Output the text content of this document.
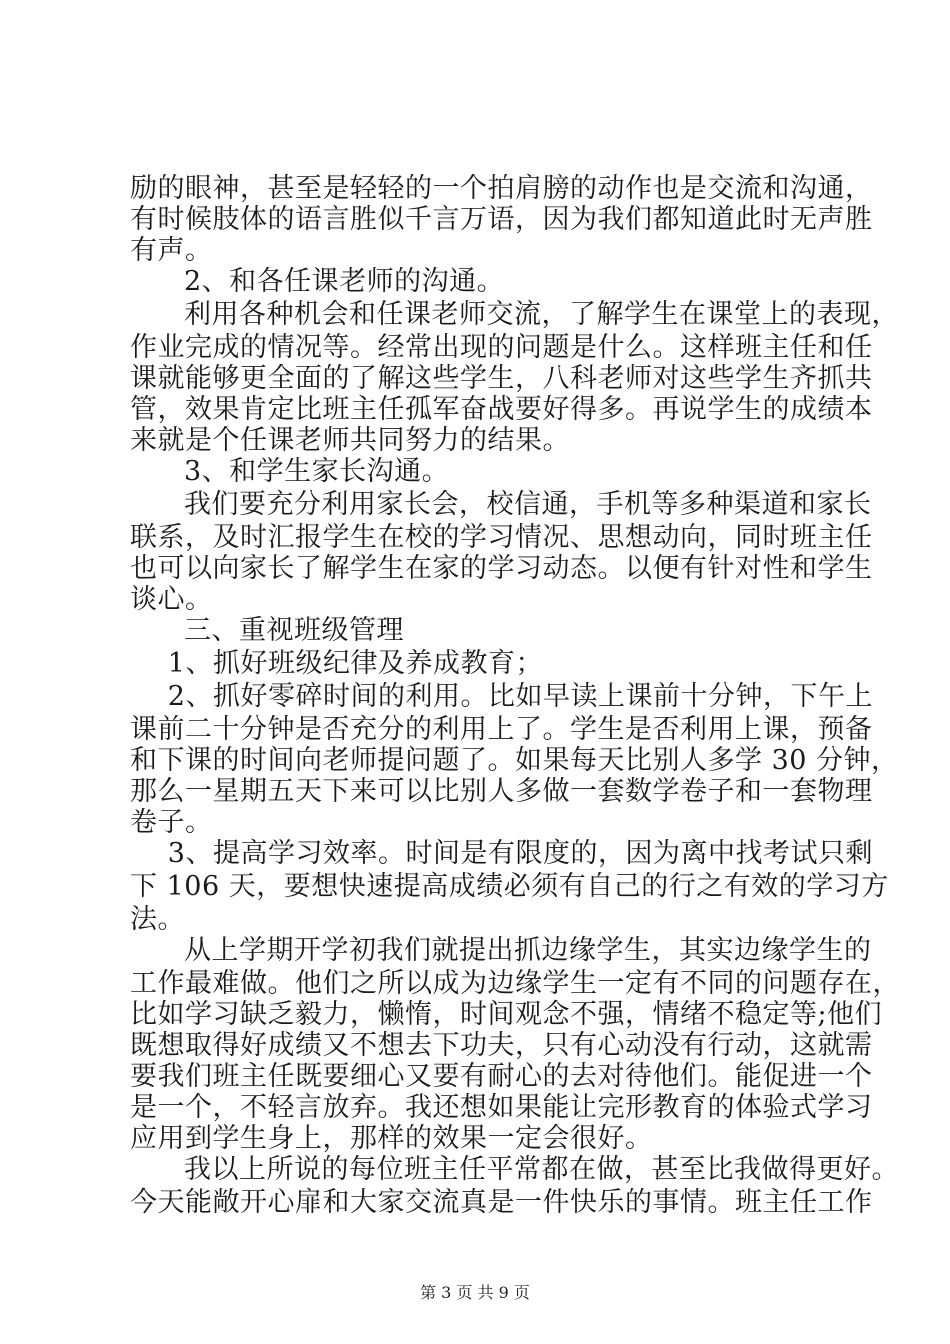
励的眼神，甚至是轻轻的一个拍肩膀的动作也是交流和沟通，
有时候肢体的语言胜似千言万语，因为我们都知道此时无声胜
有声。
2、和各任课老师的沟通。
利用各种机会和任课老师交流，了解学生在课堂上的表现，
作业完成的情况等。经常出现的问题是什么。这样班主任和任
课就能够更全面的了解这些学生，八科老师对这些学生齐抓共
管，效果肯定比班主任孤军奋战要好得多。再说学生的成绩本
来就是个任课老师共同努力的结果。
3、和学生家长沟通。
我们要充分利用家长会，校信通，手机等多种渠道和家长
联系，及时汇报学生在校的学习情况、思想动向，同时班主任
也可以向家长了解学生在家的学习动态。以便有针对性和学生
谈心。
三、重视班级管理
1、抓好班级纪律及养成教育；
2、抓好零碎时间的利用。比如早读上课前十分钟，下午上
课前二十分钟是否充分的利用上了。学生是否利用上课，预备
和下课的时间向老师提问题了。如果每天比别人多学 30 分钟，
那么一星期五天下来可以比别人多做一套数学卷子和一套物理
卷子。
3、提高学习效率。时间是有限度的，因为离中找考试只剩
下 106 天，要想快速提高成绩必须有自己的行之有效的学习方
法。
从上学期开学初我们就提出抓边缘学生，其实边缘学生的
工作最难做。他们之所以成为边缘学生一定有不同的问题存在，
比如学习缺乏毅力，懒惰，时间观念不强，情绪不稳定等;他们
既想取得好成绩又不想去下功夫，只有心动没有行动，这就需
要我们班主任既要细心又要有耐心的去对待他们。能促进一个
是一个，不轻言放弃。我还想如果能让完形教育的体验式学习
应用到学生身上，那样的效果一定会很好。
我以上所说的每位班主任平常都在做，甚至比我做得更好。
今天能敞开心扉和大家交流真是一件快乐的事情。班主任工作
第 3 页 共 9 页
